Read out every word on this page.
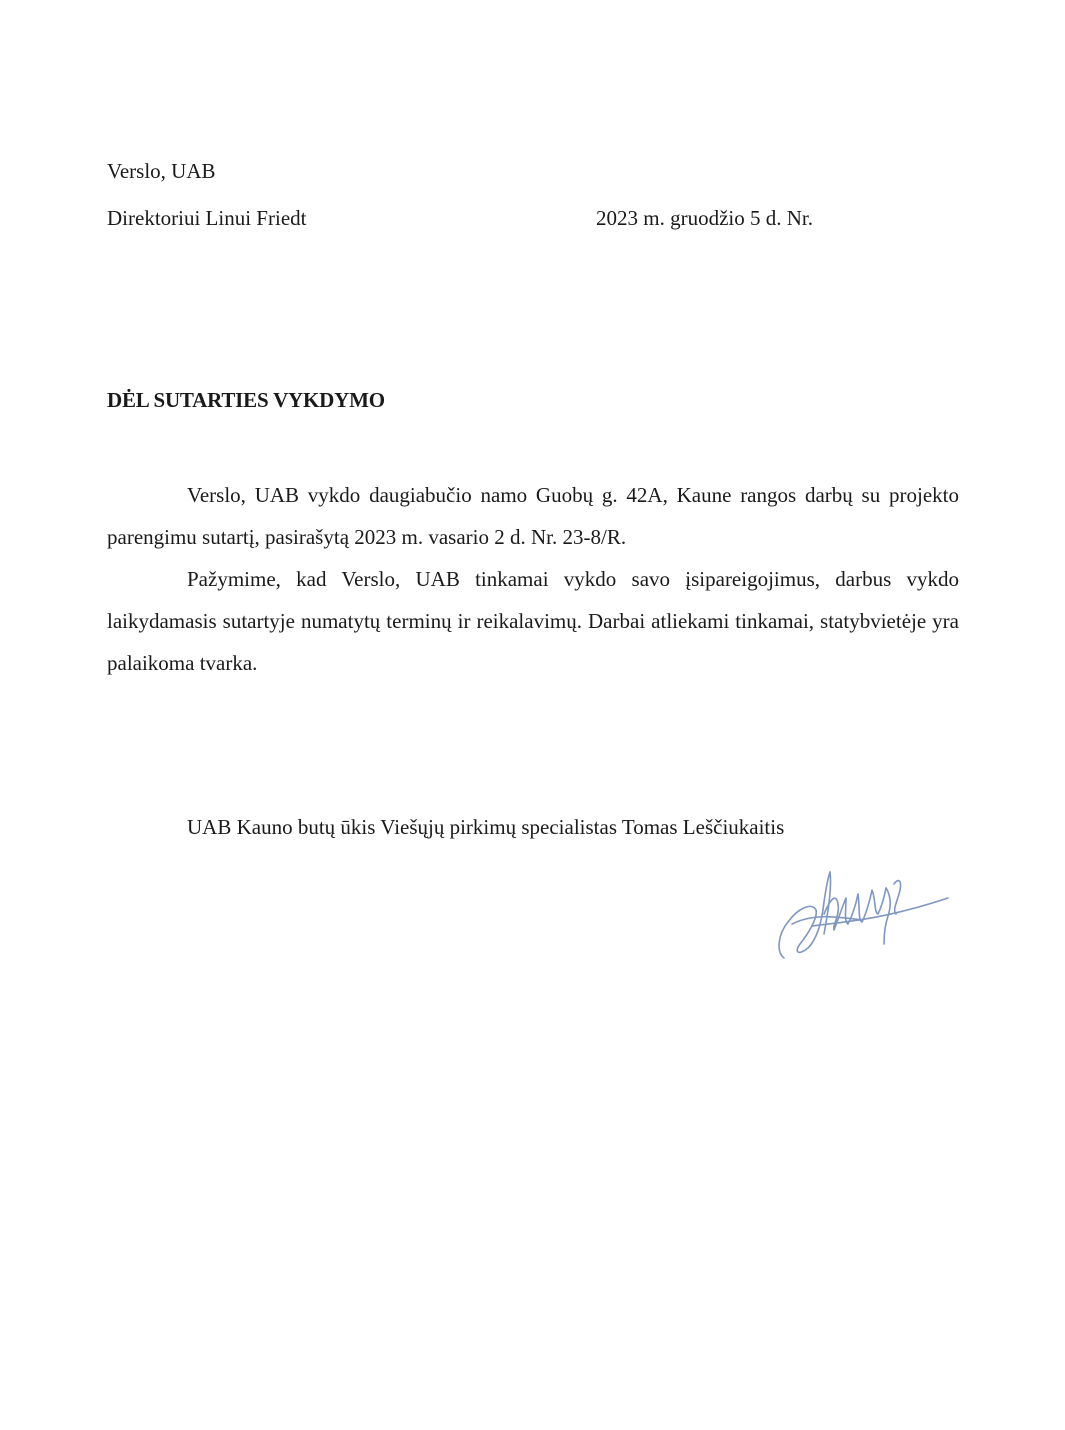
Verslo, UAB
Direktoriui Linui Friedt	2023 m. gruodžio 5 d. Nr.
DĖL SUTARTIES VYKDYMO

Verslo, UAB vykdo daugiabučio namo Guobų g. 42A, Kaune rangos darbų su projekto parengimu sutartį, pasirašytą 2023 m. vasario 2 d. Nr. 23-8/R.

Pažymime, kad Verslo, UAB tinkamai vykdo savo įsipareigojimus, darbus vykdo laikydamasis sutartyje numatytų terminų ir reikalavimų. Darbai atliekami tinkamai, statybvietėje yra palaikoma tvarka.

UAB Kauno butų ūkis Viešųjų pirkimų specialistas Tomas Leščiukaitis
